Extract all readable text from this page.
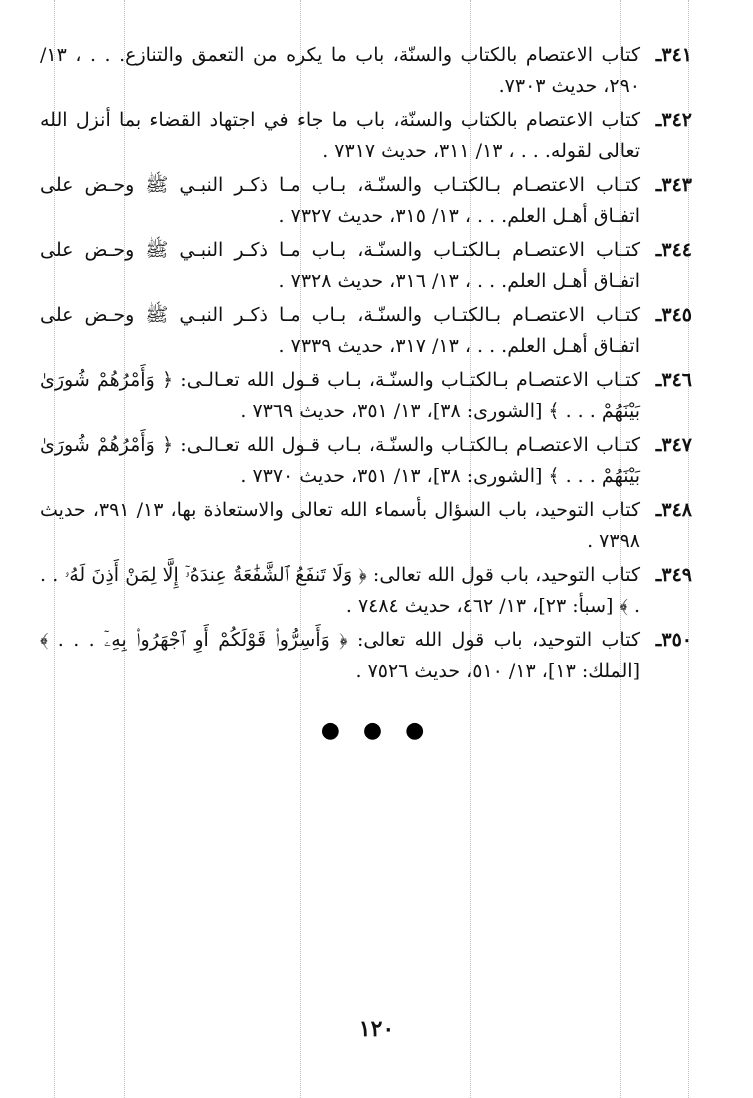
٣٤١ـ
كتاب الاعتصام بالكتاب والسنّة، باب ما يكره من التعمق والتنازع. . . ، ١٣/ ٢٩٠، حديث ٧٣٠٣.
٣٤٢ـ
كتاب الاعتصام بالكتاب والسنّة، باب ما جاء في اجتهاد القضاء بما أنزل الله تعالى لقوله. . . ، ١٣/ ٣١١، حديث ٧٣١٧ .
٣٤٣ـ
كتـاب الاعتصـام بـالكتـاب والسنّـة، بـاب مـا ذكـر النبـي ﷺ وحـض على اتفـاق أهـل العلم. . . ، ١٣/ ٣١٥، حديث ٧٣٢٧ .
٣٤٤ـ
كتـاب الاعتصـام بـالكتـاب والسنّـة، بـاب مـا ذكـر النبـي ﷺ وحـض على اتفـاق أهـل العلم. . . ، ١٣/ ٣١٦، حديث ٧٣٢٨ .
٣٤٥ـ
كتـاب الاعتصـام بـالكتـاب والسنّـة، بـاب مـا ذكـر النبـي ﷺ وحـض على اتفـاق أهـل العلم. . . ، ١٣/ ٣١٧، حديث ٧٣٣٩ .
٣٤٦ـ
كتـاب الاعتصـام بـالكتـاب والسنّـة، بـاب قـول الله تعـالـى: ﴿ وَأَمْرُهُمْ شُورَىٰ بَيْنَهُمْ . . . ﴾ [الشورى: ٣٨]، ١٣/ ٣٥١، حديث ٧٣٦٩ .
٣٤٧ـ
كتـاب الاعتصـام بـالكتـاب والسنّـة، بـاب قـول الله تعـالـى: ﴿ وَأَمْرُهُمْ شُورَىٰ بَيْنَهُمْ . . . ﴾ [الشورى: ٣٨]، ١٣/ ٣٥١، حديث ٧٣٧٠ .
٣٤٨ـ
كتاب التوحيد، باب السؤال بأسماء الله تعالى والاستعاذة بها، ١٣/ ٣٩١، حديث ٧٣٩٨ .
٣٤٩ـ
كتاب التوحيد، باب قول الله تعالى: ﴿ وَلَا تَنفَعُ ٱلشَّفَٰعَةُ عِندَهُۥٓ إِلَّا لِمَنْ أَذِنَ لَهُۥ . . . ﴾ [سبأ: ٢٣]، ١٣/ ٤٦٢، حديث ٧٤٨٤ .
٣٥٠ـ
كتاب التوحيد، باب قول الله تعالى: ﴿ وَأَسِرُّوا۟ قَوْلَكُمْ أَوِ ٱجْهَرُوا۟ بِهِۦٓ . . . ﴾ [الملك: ١٣]، ١٣/ ٥١٠، حديث ٧٥٢٦ .
● ● ●
١٢٠
